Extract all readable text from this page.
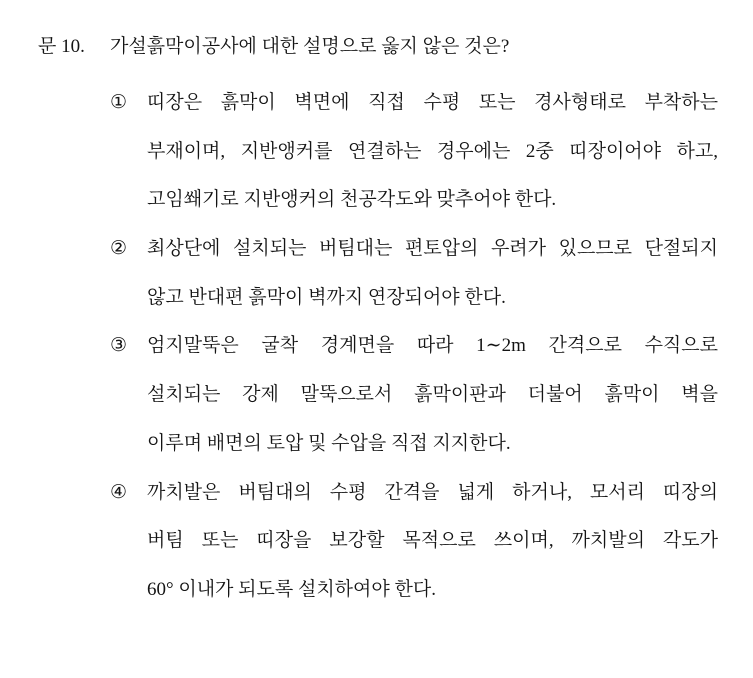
문 10. 가설흙막이공사에 대한 설명으로 옳지 않은 것은?
①	띠장은 흙막이 벽면에 직접 수평 또는 경사형태로 부착하는
부재이며, 지반앵커를 연결하는 경우에는 2중 띠장이어야 하고,
고임쐐기로 지반앵커의 천공각도와 맞추어야 한다.
②	최상단에 설치되는 버팀대는 편토압의 우려가 있으므로 단절되지
않고 반대편 흙막이 벽까지 연장되어야 한다.
③	엄지말뚝은 굴착 경계면을 따라 1∼2m 간격으로 수직으로
설치되는 강제 말뚝으로서 흙막이판과 더불어 흙막이 벽을
이루며 배면의 토압 및 수압을 직접 지지한다.
④	까치발은 버팀대의 수평 간격을 넓게 하거나, 모서리 띠장의
버팀 또는 띠장을 보강할 목적으로 쓰이며, 까치발의 각도가
60° 이내가 되도록 설치하여야 한다.
